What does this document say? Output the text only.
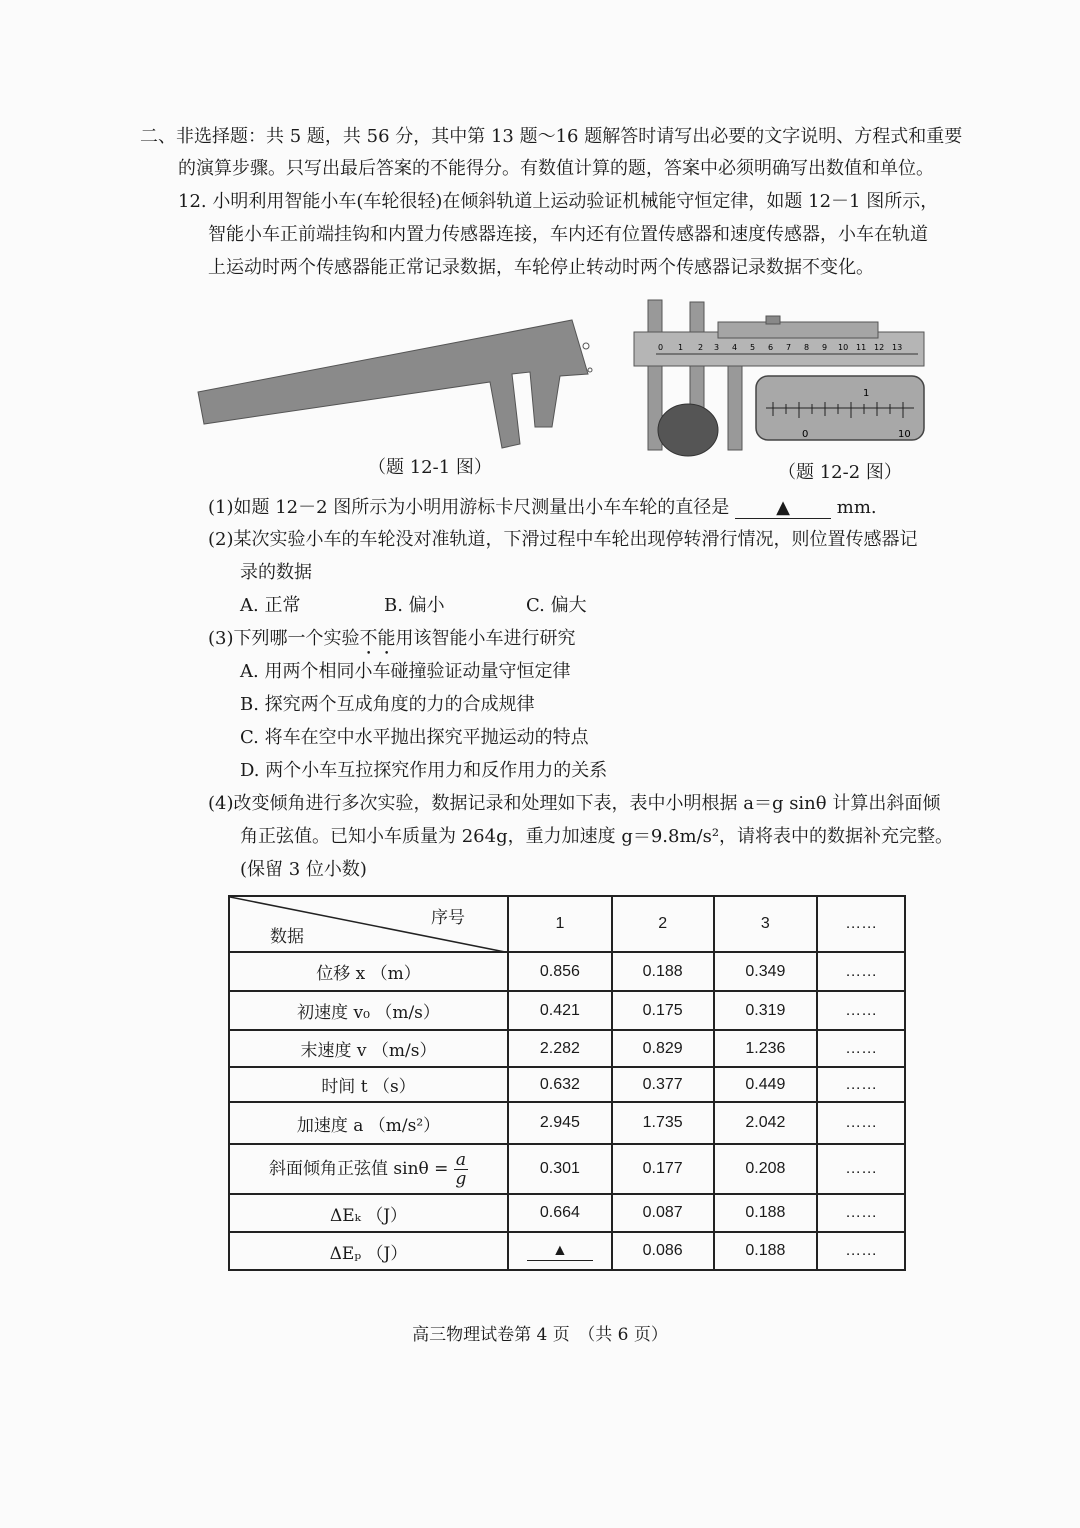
二、非选择题：共 5 题，共 56 分，其中第 13 题～16 题解答时请写出必要的文字说明、方程式和重要
的演算步骤。只写出最后答案的不能得分。有数值计算的题，答案中必须明确写出数值和单位。
12. 小明利用智能小车(车轮很轻)在倾斜轨道上运动验证机械能守恒定律，如题 12－1 图所示，
智能小车正前端挂钩和内置力传感器连接，车内还有位置传感器和速度传感器，小车在轨道
上运动时两个传感器能正常记录数据，车轮停止转动时两个传感器记录数据不变化。
（题 12-1 图）
0 1 2 3 4 5 6 7 8 9 10 11 12 13
1
0	10
（题 12-2 图）
(1)如题 12－2 图所示为小明用游标卡尺测量出小车车轮的直径是	▲	mm.
(2)某次实验小车的车轮没对准轨道，下滑过程中车轮出现停转滑行情况，则位置传感器记
录的数据
A. 正常	B. 偏小	C. 偏大
(3)下列哪一个实验不能用该智能小车进行研究
A. 用两个相同小车碰撞验证动量守恒定律
B. 探究两个互成角度的力的合成规律
C. 将车在空中水平抛出探究平抛运动的特点
D. 两个小车互拉探究作用力和反作用力的关系
(4)改变倾角进行多次实验，数据记录和处理如下表，表中小明根据 a＝g sinθ 计算出斜面倾
角正弦值。已知小车质量为 264g，重力加速度 g＝9.8m/s²，请将表中的数据补充完整。
(保留 3 位小数)
序号
数据	1	2	3	……
位移 x （m）	0.856	0.188	0.349	……
初速度 v₀ （m/s）	0.421	0.175	0.319	……
末速度 v （m/s）	2.282	0.829	1.236	……
时间 t （s）	0.632	0.377	0.449	……
加速度 a （m/s²）	2.945	1.735	2.042	……
斜面倾角正弦值 $\sin\theta = \frac{a}{g}$	0.301	0.177	0.208	……
ΔEₖ （J）	0.664	0.087	0.188	……
ΔEₚ （J）	▲	0.086	0.188	……
高三物理试卷第 4 页　（共 6 页）
